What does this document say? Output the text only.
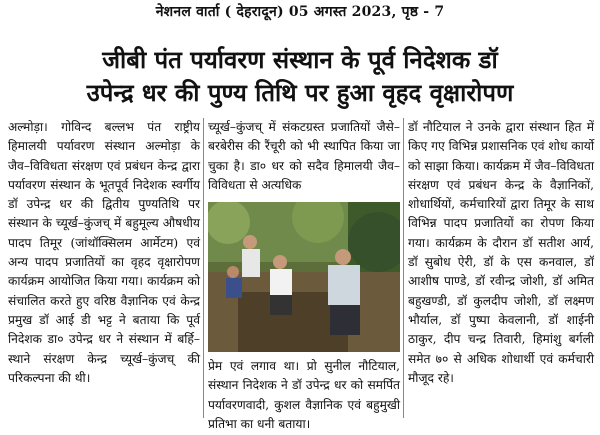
नेशनल वार्ता ( देहरादून) 05 अगस्त 2023, पृष्ठ - 7
जीबी पंत पर्यावरण संस्थान के पूर्व निदेशक डॉ
उपेन्द्र धर की पुण्य तिथि पर हुआ वृहद वृक्षारोपण
अल्मोड़ा। गोविन्द बल्लभ पंत राष्ट्रीय हिमालयी पर्यावरण संस्थान अल्मोड़ा के जैव–विविधता संरक्षण एवं प्रबंधन केन्द्र द्वारा पर्यावरण संस्थान के भूतपूर्व निदेशक स्वर्गीय डॉ उपेन्द्र धर की द्वितीय पुण्यतिथि पर संस्थान के च्यूर्ख–कुंजच् में बहुमूल्य औषधीय पादप तिमूर (जांथॉक्सिलम आर्मेटम) एवं अन्य पादप प्रजातियों का वृहद वृक्षारोपण कार्यक्रम आयोजित किया गया। कार्यक्रम को संचालित करते हुए वरिष्ठ वैज्ञानिक एवं केन्द्र प्रमुख डॉ आई डी भट्ट ने बताया कि पूर्व निदेशक डा० उपेन्द्र धर ने संस्थान में बर्हि–स्थाने संरक्षण केन्द्र च्यूर्ख–कुंजच् की परिकल्पना की थी।
च्यूर्ख–कुंजच् में संकटग्रस्त प्रजातियों जैसे– बरबेरीस की रैंचूरी को भी स्थापित किया जा चुका है। डा० धर को सदैव हिमालयी जैव–विविधता से अत्यधिक
प्रेम एवं लगाव था। प्रो सुनील नौटियाल, संस्थान निदेशक ने डॉ उपेन्द्र धर को समर्पित पर्यावरणवादी, कुशल वैज्ञानिक एवं बहुमुखी प्रतिभा का धनी बताया।
डॉ नौटियाल ने उनके द्वारा संस्थान हित में किए गए विभिन्न प्रशासनिक एवं शोध कार्यो को साझा किया। कार्यक्रम में जैव–विविधता संरक्षण एवं प्रबंधन केन्द्र के वैज्ञानिकों, शोधार्थियों, कर्मचारियों द्वारा तिमूर के साथ विभिन्न पादप प्रजातियों का रोपण किया गया। कार्यक्रम के दौरान डॉ सतीश आर्य, डॉ सुबोध ऐरी, डॉ के एस कनवाल, डॉ आशीष पाण्डे, डॉ रवीन्द्र जोशी, डॉ अमित बहुखण्डी, डॉ कुलदीप जोशी, डॉ लक्ष्मण भौर्याल, डॉ पुष्पा केवलानी, डॉ शाईनी ठाकुर, दीप चन्द्र तिवारी, हिमांशु बर्गली समेत ७० से अधिक शोधार्थी एवं कर्मचारी मौजूद रहे।
